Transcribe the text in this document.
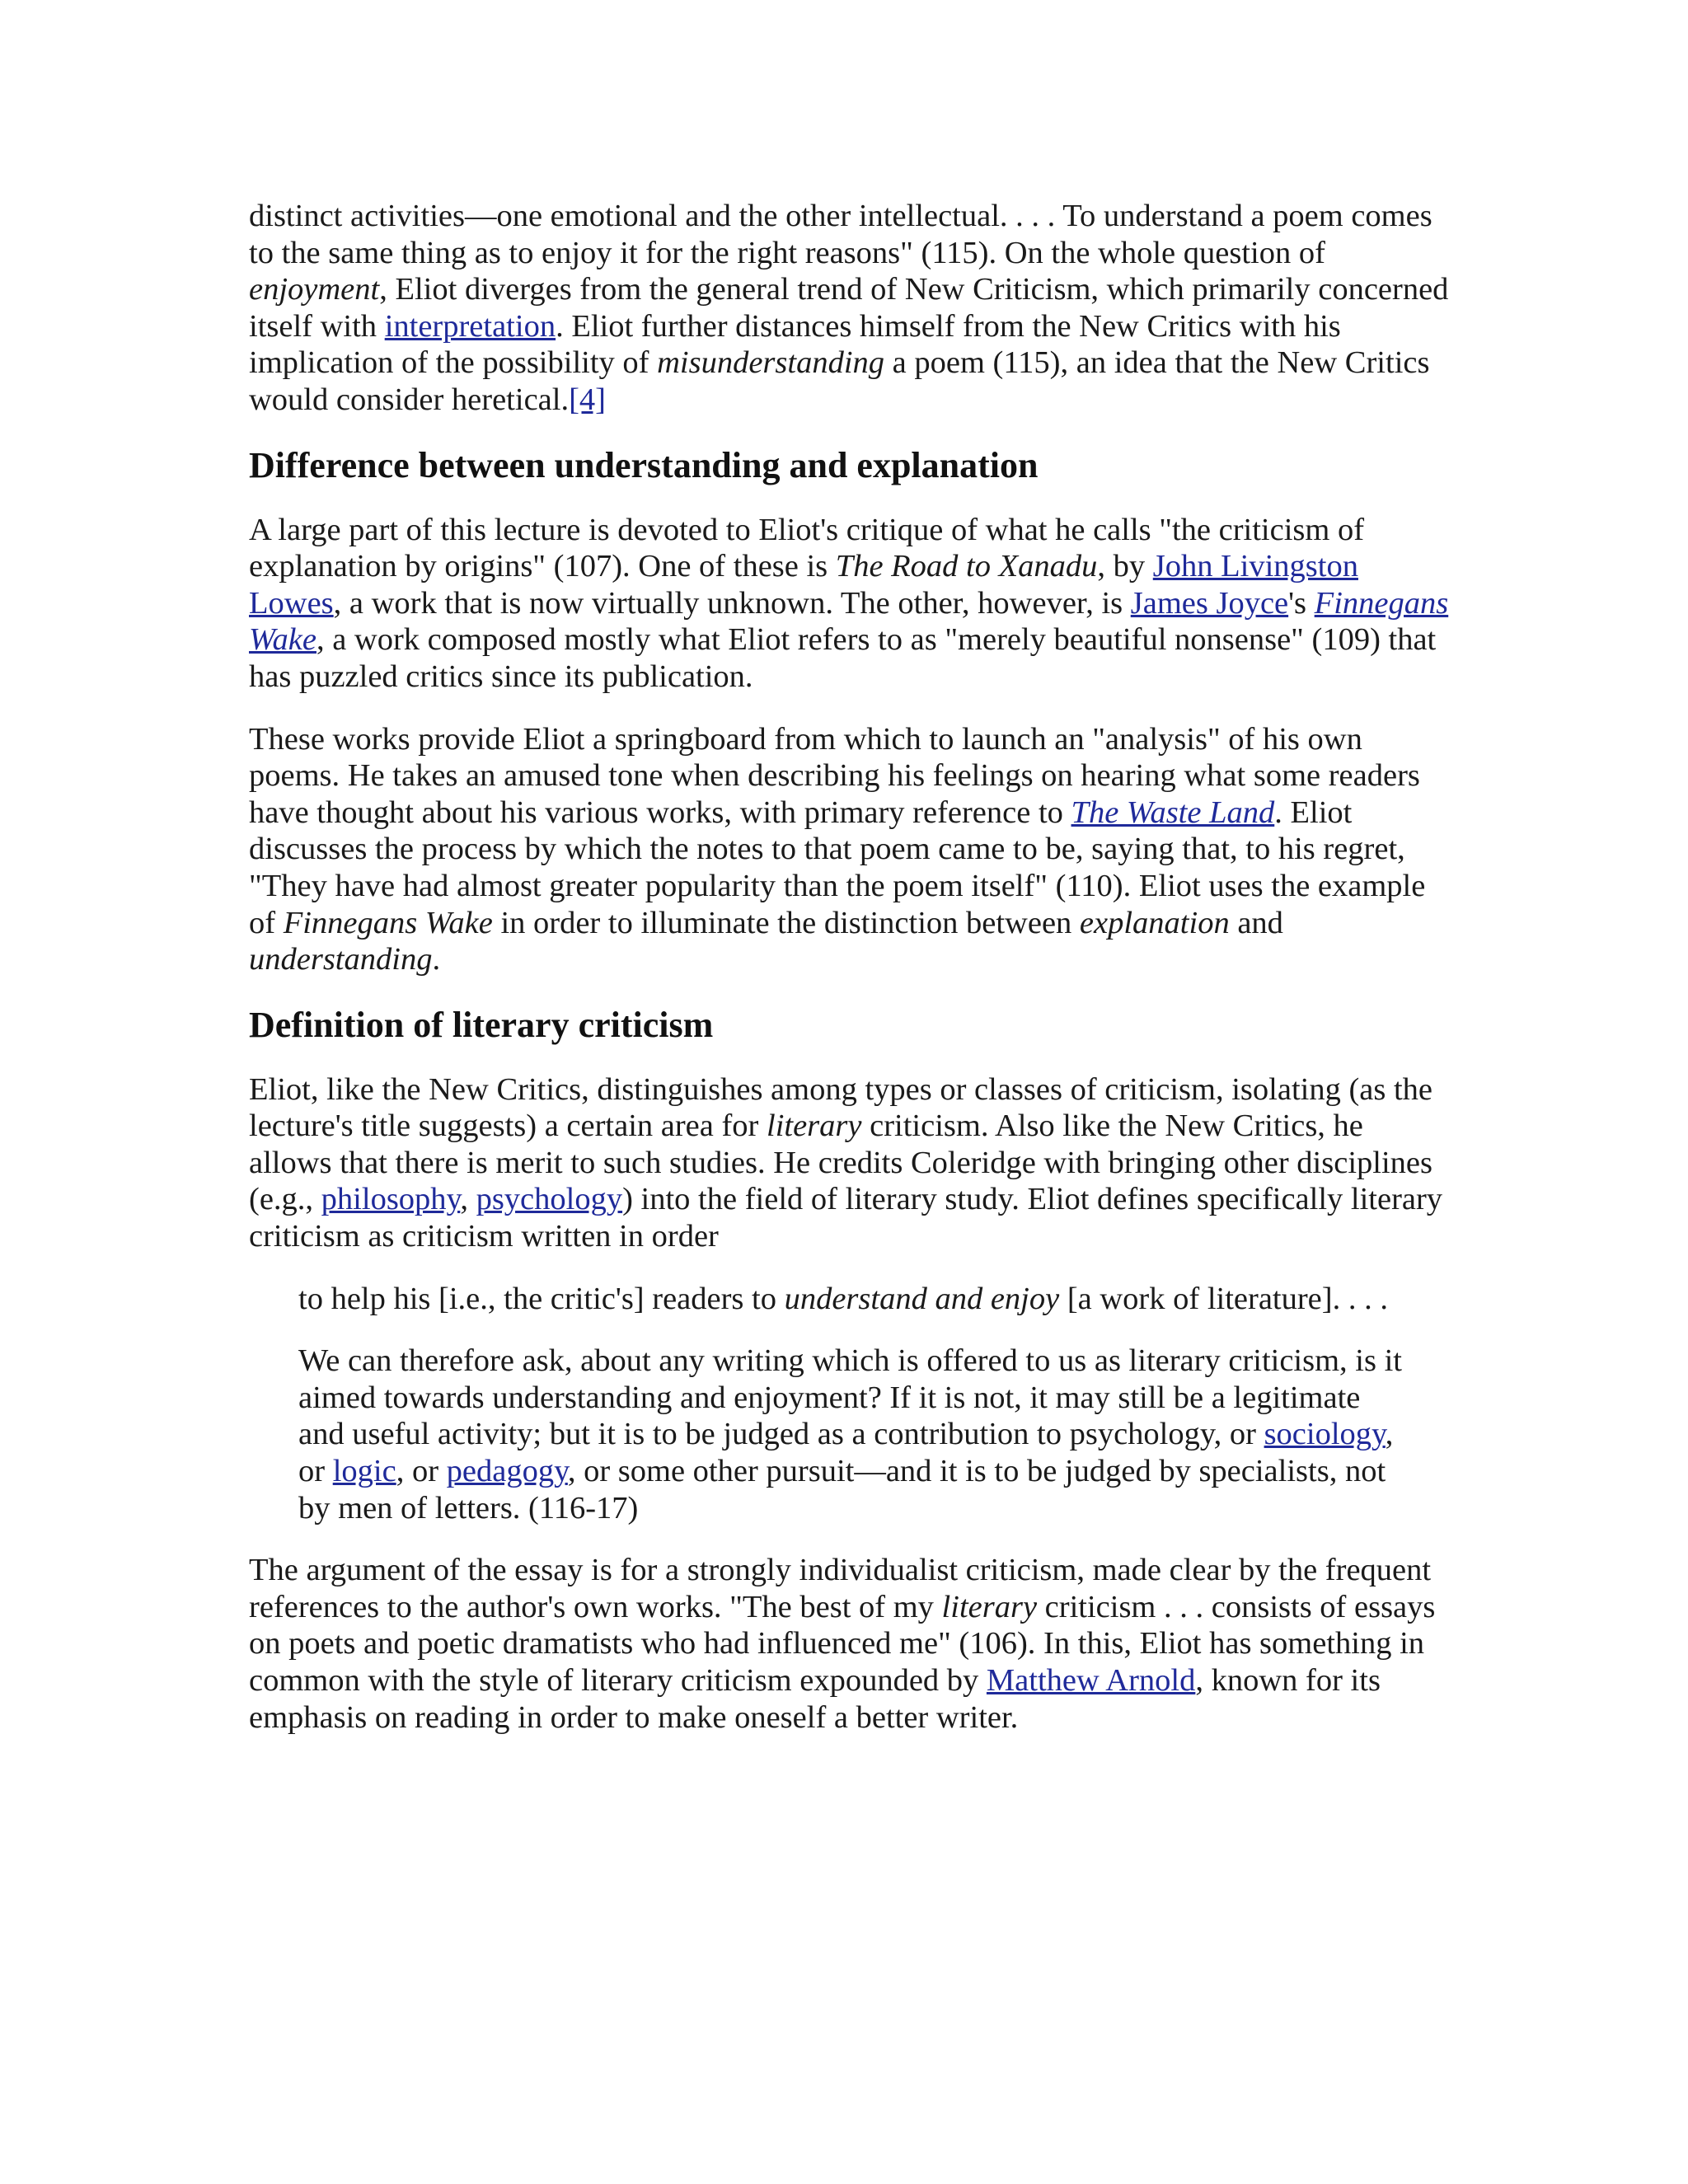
distinct activities—one emotional and the other intellectual. . . . To understand a poem comes to the same thing as to enjoy it for the right reasons" (115). On the whole question of enjoyment, Eliot diverges from the general trend of New Criticism, which primarily concerned itself with interpretation. Eliot further distances himself from the New Critics with his implication of the possibility of misunderstanding a poem (115), an idea that the New Critics would consider heretical.[4]

Difference between understanding and explanation

A large part of this lecture is devoted to Eliot's critique of what he calls "the criticism of explanation by origins" (107). One of these is The Road to Xanadu, by John Livingston Lowes, a work that is now virtually unknown. The other, however, is James Joyce's Finnegans Wake, a work composed mostly what Eliot refers to as "merely beautiful nonsense" (109) that has puzzled critics since its publication.

These works provide Eliot a springboard from which to launch an "analysis" of his own poems. He takes an amused tone when describing his feelings on hearing what some readers have thought about his various works, with primary reference to The Waste Land. Eliot discusses the process by which the notes to that poem came to be, saying that, to his regret, "They have had almost greater popularity than the poem itself" (110). Eliot uses the example of Finnegans Wake in order to illuminate the distinction between explanation and understanding.

Definition of literary criticism

Eliot, like the New Critics, distinguishes among types or classes of criticism, isolating (as the lecture's title suggests) a certain area for literary criticism. Also like the New Critics, he allows that there is merit to such studies. He credits Coleridge with bringing other disciplines (e.g., philosophy, psychology) into the field of literary study. Eliot defines specifically literary criticism as criticism written in order

to help his [i.e., the critic's] readers to understand and enjoy [a work of literature]. . . .

We can therefore ask, about any writing which is offered to us as literary criticism, is it aimed towards understanding and enjoyment? If it is not, it may still be a legitimate and useful activity; but it is to be judged as a contribution to psychology, or sociology, or logic, or pedagogy, or some other pursuit—and it is to be judged by specialists, not by men of letters. (116-17)

The argument of the essay is for a strongly individualist criticism, made clear by the frequent references to the author's own works. "The best of my literary criticism . . . consists of essays on poets and poetic dramatists who had influenced me" (106). In this, Eliot has something in common with the style of literary criticism expounded by Matthew Arnold, known for its emphasis on reading in order to make oneself a better writer.
